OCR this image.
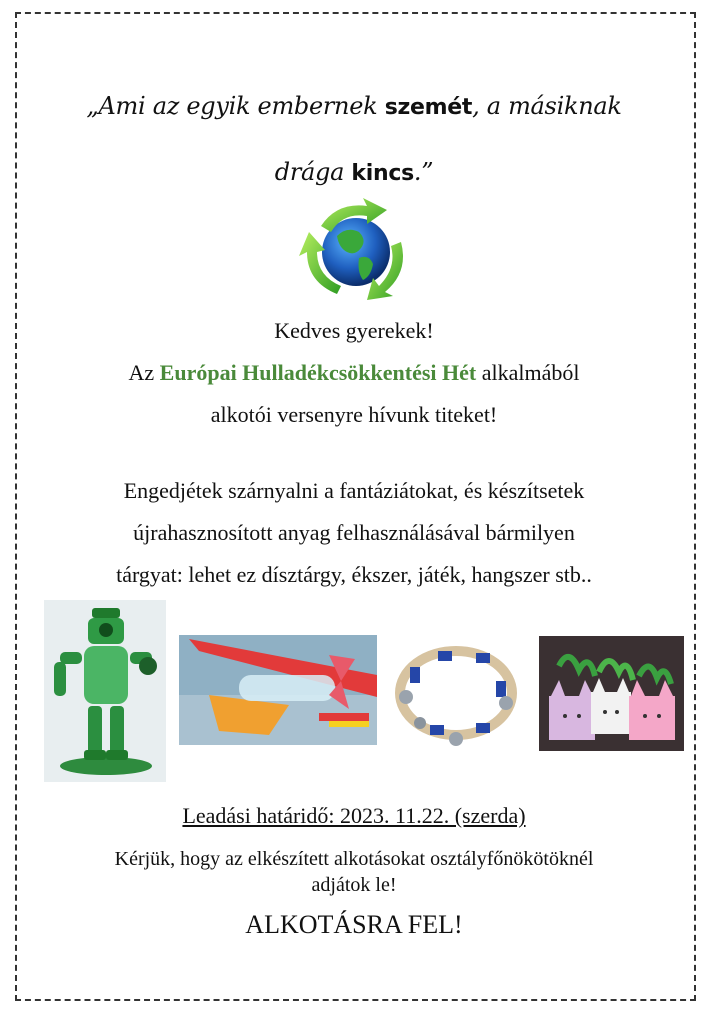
„Ami az egyik embernek szemét, a másiknak
drága kincs.”
Kedves gyerekek!
Az Európai Hulladékcsökkentési Hét alkalmából
alkotói versenyre hívunk titeket!
Engedjétek szárnyalni a fantáziátokat, és készítsetek
újrahasznosított anyag felhasználásával bármilyen
tárgyat: lehet ez dísztárgy, ékszer, játék, hangszer stb..
Leadási határidő: 2023. 11.22. (szerda)
Kérjük, hogy az elkészített alkotásokat osztályfőnökötöknél
adjátok le!
ALKOTÁSRA FEL!
